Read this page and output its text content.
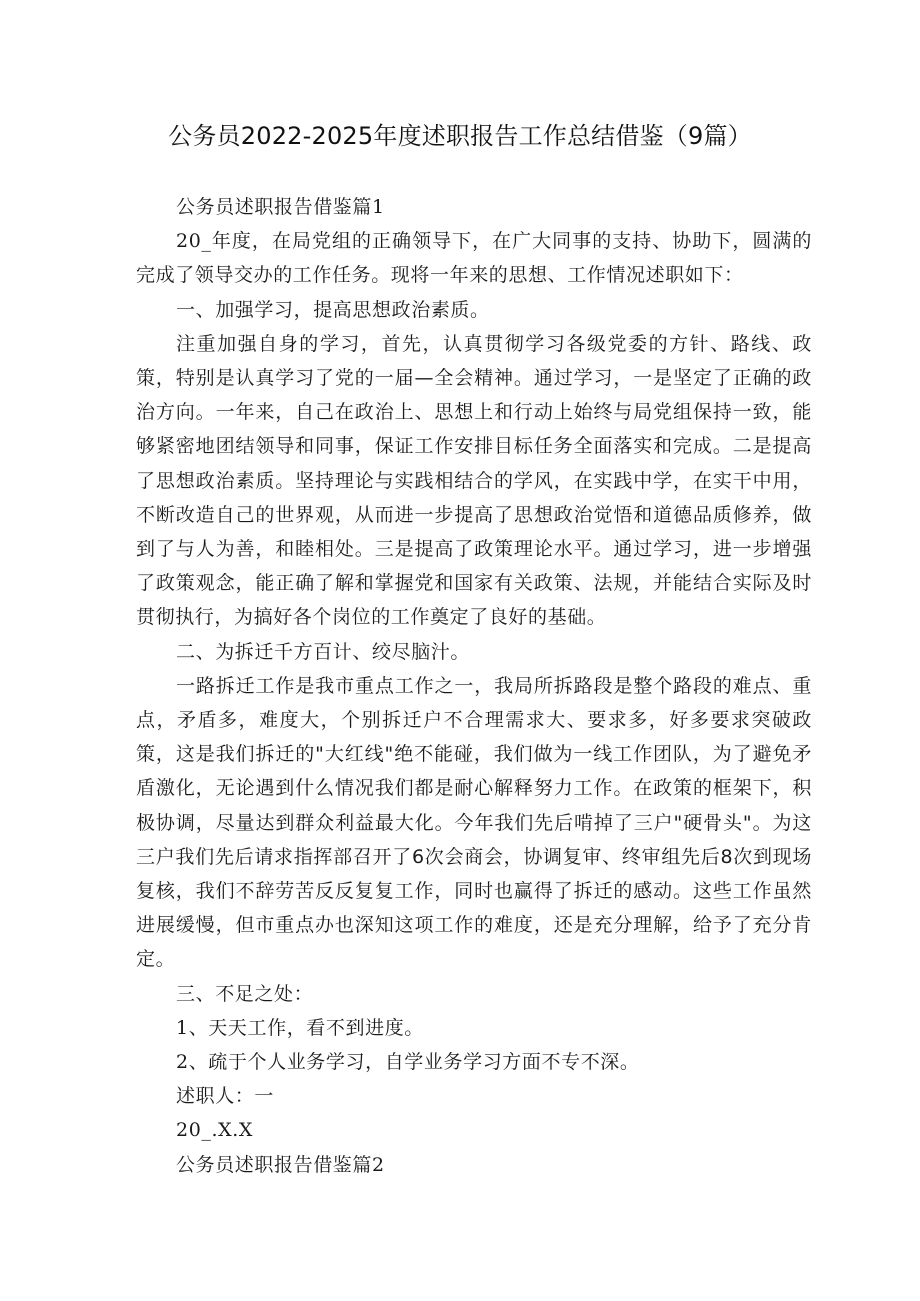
公务员2022-2025年度述职报告工作总结借鉴（9篇）

公务员述职报告借鉴篇1

20_年度，在局党组的正确领导下，在广大同事的支持、协助下，圆满的完成了领导交办的工作任务。现将一年来的思想、工作情况述职如下：

一、加强学习，提高思想政治素质。

注重加强自身的学习，首先，认真贯彻学习各级党委的方针、路线、政策，特别是认真学习了党的一届—全会精神。通过学习，一是坚定了正确的政治方向。一年来，自己在政治上、思想上和行动上始终与局党组保持一致，能够紧密地团结领导和同事，保证工作安排目标任务全面落实和完成。二是提高了思想政治素质。坚持理论与实践相结合的学风，在实践中学，在实干中用，不断改造自己的世界观，从而进一步提高了思想政治觉悟和道德品质修养，做到了与人为善，和睦相处。三是提高了政策理论水平。通过学习，进一步增强了政策观念，能正确了解和掌握党和国家有关政策、法规，并能结合实际及时贯彻执行，为搞好各个岗位的工作奠定了良好的基础。

二、为拆迁千方百计、绞尽脑汁。

一路拆迁工作是我市重点工作之一，我局所拆路段是整个路段的难点、重点，矛盾多，难度大，个别拆迁户不合理需求大、要求多，好多要求突破政策，这是我们拆迁的"大红线"绝不能碰，我们做为一线工作团队，为了避免矛盾激化，无论遇到什么情况我们都是耐心解释努力工作。在政策的框架下，积极协调，尽量达到群众利益最大化。今年我们先后啃掉了三户"硬骨头"。为这三户我们先后请求指挥部召开了6次会商会，协调复审、终审组先后8次到现场复核，我们不辞劳苦反反复复工作，同时也赢得了拆迁的感动。这些工作虽然进展缓慢，但市重点办也深知这项工作的难度，还是充分理解，给予了充分肯定。

三、不足之处：

1、天天工作，看不到进度。

2、疏于个人业务学习，自学业务学习方面不专不深。

述职人：一

20_.X.X

公务员述职报告借鉴篇2
